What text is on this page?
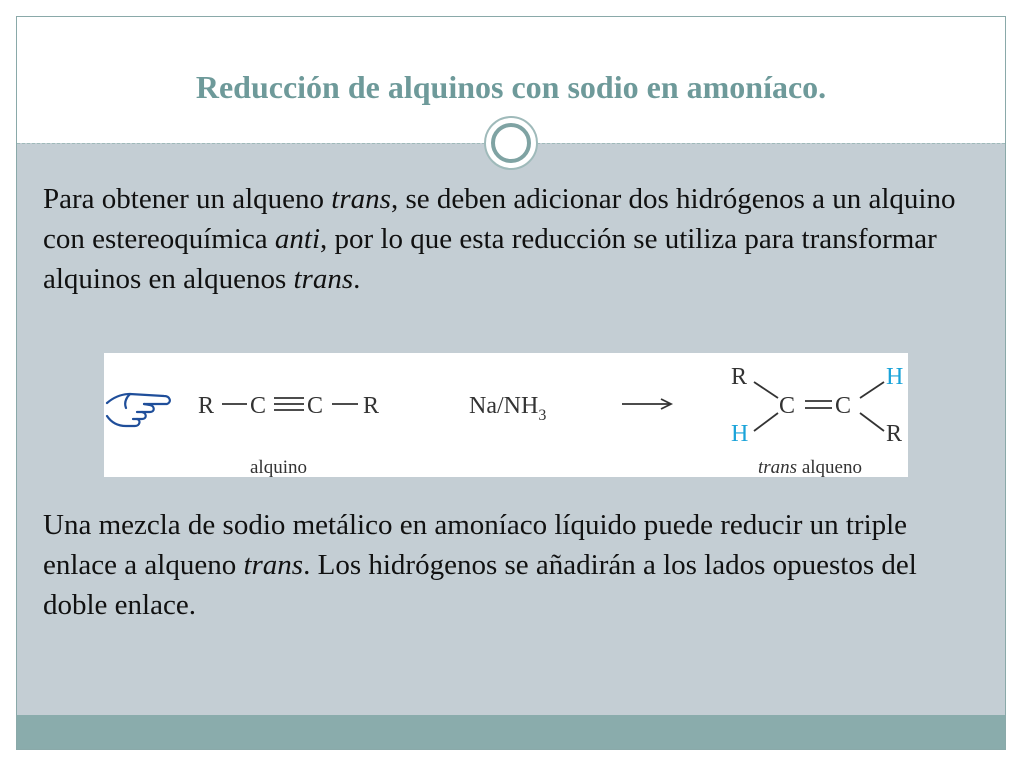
Reducción de alquinos con sodio en amoníaco.

Para obtener un alqueno trans, se deben adicionar dos hidrógenos a un alquino con estereoquímica anti, por lo que esta reducción se utiliza para transformar alquinos en alquenos trans.

R C C R	$Na/NH_3$
R
H
C C
H
R
alquino	trans alqueno

Una mezcla de sodio metálico en amoníaco líquido puede reducir un triple enlace a alqueno trans. Los hidrógenos se añadirán a los lados opuestos del doble enlace.
